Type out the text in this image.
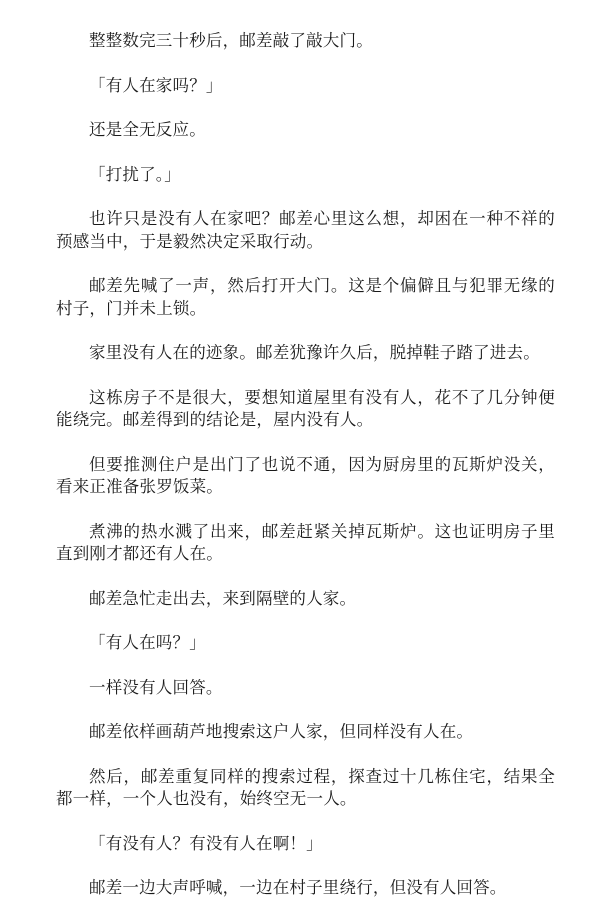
整整数完三十秒后，邮差敲了敲大门。

「有人在家吗？」

还是全无反应。

「打扰了。」

也许只是没有人在家吧？邮差心里这么想，却困在一种不祥的预感当中，于是毅然决定采取行动。

邮差先喊了一声，然后打开大门。这是个偏僻且与犯罪无缘的村子，门并未上锁。

家里没有人在的迹象。邮差犹豫许久后，脱掉鞋子踏了进去。

这栋房子不是很大，要想知道屋里有没有人，花不了几分钟便能绕完。邮差得到的结论是，屋内没有人。

但要推测住户是出门了也说不通，因为厨房里的瓦斯炉没关，看来正准备张罗饭菜。

煮沸的热水溅了出来，邮差赶紧关掉瓦斯炉。这也证明房子里直到刚才都还有人在。

邮差急忙走出去，来到隔壁的人家。

「有人在吗？」

一样没有人回答。

邮差依样画葫芦地搜索这户人家，但同样没有人在。

然后，邮差重复同样的搜索过程，探查过十几栋住宅，结果全都一样，一个人也没有，始终空无一人。

「有没有人？有没有人在啊！」

邮差一边大声呼喊，一边在村子里绕行，但没有人回答。
